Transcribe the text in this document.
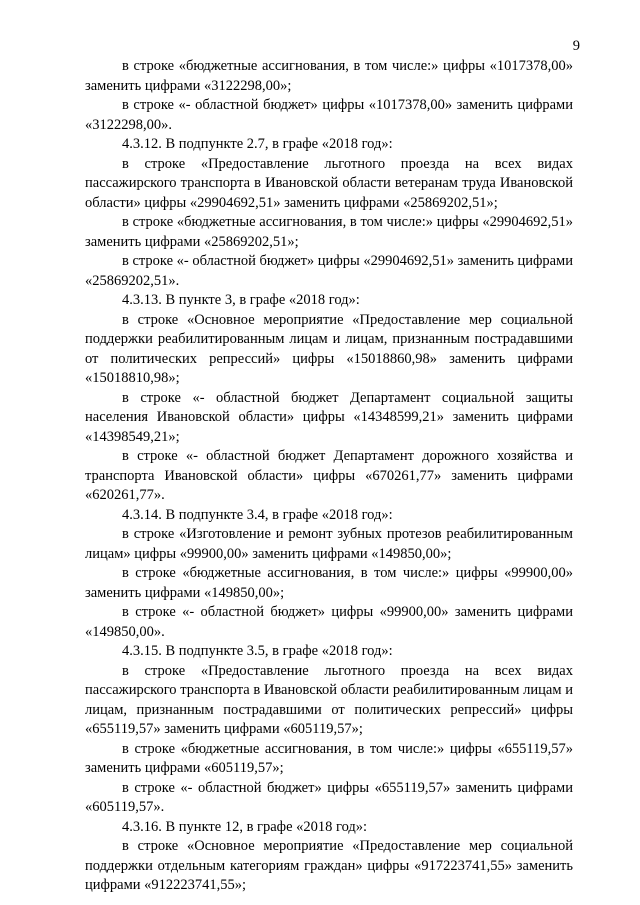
9

в строке «бюджетные ассигнования, в том числе:» цифры «1017378,00» заменить цифрами «3122298,00»;

в строке «- областной бюджет» цифры «1017378,00» заменить цифрами «3122298,00».

4.3.12. В подпункте 2.7, в графе «2018 год»:

в строке «Предоставление льготного проезда на всех видах пассажирского транспорта в Ивановской области ветеранам труда Ивановской области» цифры «29904692,51» заменить цифрами «25869202,51»;

в строке «бюджетные ассигнования, в том числе:» цифры «29904692,51» заменить цифрами «25869202,51»;

в строке «- областной бюджет» цифры «29904692,51» заменить цифрами «25869202,51».

4.3.13. В пункте 3, в графе «2018 год»:

в строке «Основное мероприятие «Предоставление мер социальной поддержки реабилитированным лицам и лицам, признанным пострадавшими от политических репрессий» цифры «15018860,98» заменить цифрами «15018810,98»;

в строке «- областной бюджет Департамент социальной защиты населения Ивановской области» цифры «14348599,21» заменить цифрами «14398549,21»;

в строке «- областной бюджет Департамент дорожного хозяйства и транспорта Ивановской области» цифры «670261,77» заменить цифрами «620261,77».

4.3.14. В подпункте 3.4, в графе «2018 год»:

в строке «Изготовление и ремонт зубных протезов реабилитированным лицам» цифры «99900,00» заменить цифрами «149850,00»;

в строке «бюджетные ассигнования, в том числе:» цифры «99900,00» заменить цифрами «149850,00»;

в строке «- областной бюджет» цифры «99900,00» заменить цифрами «149850,00».

4.3.15. В подпункте 3.5, в графе «2018 год»:

в строке «Предоставление льготного проезда на всех видах пассажирского транспорта в Ивановской области реабилитированным лицам и лицам, признанным пострадавшими от политических репрессий» цифры «655119,57» заменить цифрами «605119,57»;

в строке «бюджетные ассигнования, в том числе:» цифры «655119,57» заменить цифрами «605119,57»;

в строке «- областной бюджет» цифры «655119,57» заменить цифрами «605119,57».

4.3.16. В пункте 12, в графе «2018 год»:

в строке «Основное мероприятие «Предоставление мер социальной поддержки отдельным категориям граждан» цифры «917223741,55» заменить цифрами «912223741,55»;
